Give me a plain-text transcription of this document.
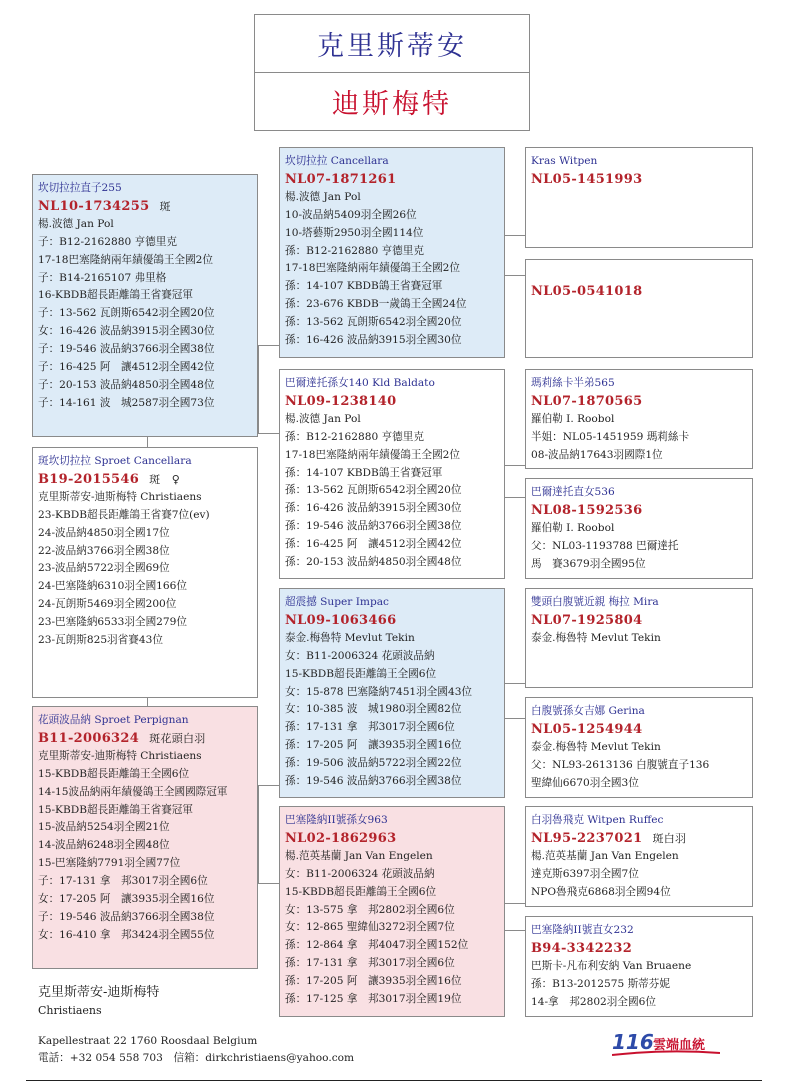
克里斯蒂安
迪斯梅特
坎切拉拉直子255
NL10-1734255 斑
楊.波德 Jan Pol
子：B12-2162880 亨德里克
17-18巴塞隆納兩年績優鴿王全國2位
子：B14-2165107 弗里格
16-KBDB超長距離鴿王省賽冠軍
子：13-562 瓦朗斯6542羽全國20位
女：16-426 波品納3915羽全國30位
子：19-546 波品納3766羽全國38位
子：16-425 阿　讓4512羽全國42位
子：20-153 波品納4850羽全國48位
子：14-161 波　城2587羽全國73位
斑坎切拉拉 Sproet Cancellara
B19-2015546 斑　♀
克里斯蒂安-迪斯梅特 Christiaens
23-KBDB超長距離鴿王省賽7位(ev)
24-波品納4850羽全國17位
22-波品納3766羽全國38位
23-波品納5722羽全國69位
24-巴塞隆納6310羽全國166位
24-瓦朗斯5469羽全國200位
23-巴塞隆納6533羽全國279位
23-瓦朗斯825羽省賽43位
花頭波品納 Sproet Perpignan
B11-2006324 斑花頭白羽
克里斯蒂安-迪斯梅特 Christiaens
15-KBDB超長距離鴿王全國6位
14-15波品納兩年績優鴿王全國國際冠軍
15-KBDB超長距離鴿王省賽冠軍
15-波品納5254羽全國21位
14-波品納6248羽全國48位
15-巴塞隆納7791羽全國77位
子：17-131 拿　邦3017羽全國6位
女：17-205 阿　讓3935羽全國16位
子：19-546 波品納3766羽全國38位
女：16-410 拿　邦3424羽全國55位
坎切拉拉 Cancellara
NL07-1871261
楊.波德 Jan Pol
10-波品納5409羽全國26位
10-塔藝斯2950羽全國114位
孫：B12-2162880 亨德里克
17-18巴塞隆納兩年績優鴿王全國2位
孫：14-107 KBDB鴿王省賽冠軍
孫：23-676 KBDB一歲鴿王全國24位
孫：13-562 瓦朗斯6542羽全國20位
孫：16-426 波品納3915羽全國30位
巴爾達托孫女140 Kld Baldato
NL09-1238140
楊.波德 Jan Pol
孫：B12-2162880 亨德里克
17-18巴塞隆納兩年績優鴿王全國2位
孫：14-107 KBDB鴿王省賽冠軍
孫：13-562 瓦朗斯6542羽全國20位
孫：16-426 波品納3915羽全國30位
孫：19-546 波品納3766羽全國38位
孫：16-425 阿　讓4512羽全國42位
孫：20-153 波品納4850羽全國48位
超震撼 Super Impac
NL09-1063466
泰金.梅魯特 Mevlut Tekin
女：B11-2006324 花頭波品納
15-KBDB超長距離鴿王全國6位
女：15-878 巴塞隆納7451羽全國43位
女：10-385 波　城1980羽全國82位
孫：17-131 拿　邦3017羽全國6位
孫：17-205 阿　讓3935羽全國16位
孫：19-506 波品納5722羽全國22位
孫：19-546 波品納3766羽全國38位
巴塞隆納II號孫女963
NL02-1862963
楊.范英基蘭 Jan Van Engelen
女：B11-2006324 花頭波品納
15-KBDB超長距離鴿王全國6位
女：13-575 拿　邦2802羽全國6位
女：12-865 聖緯仙3272羽全國7位
孫：12-864 拿　邦4047羽全國152位
孫：17-131 拿　邦3017羽全國6位
孫：17-205 阿　讓3935羽全國16位
孫：17-125 拿　邦3017羽全國19位
Kras Witpen
NL05-1451993
NL05-0541018
瑪莉絲卡半弟565
NL07-1870565
羅伯勒 I. Roobol
半姐：NL05-1451959 瑪莉絲卡
08-波品納17643羽國際1位
巴爾達托直女536
NL08-1592536
羅伯勒 I. Roobol
父：NL03-1193788 巴爾達托
馬　賽3679羽全國95位
雙頭白腹號近親 梅拉 Mira
NL07-1925804
泰金.梅魯特 Mevlut Tekin
白腹號孫女吉娜 Gerina
NL05-1254944
泰金.梅魯特 Mevlut Tekin
父：NL93-2613136 白腹號直子136
聖緯仙6670羽全國3位
白羽魯飛克 Witpen Ruffec
NL95-2237021 斑白羽
楊.范英基蘭 Jan Van Engelen
達克斯6397羽全國7位
NPO魯飛克6868羽全國94位
巴塞隆納II號直女232
B94-3342232
巴斯卡-凡布利安納 Van Bruaene
孫：B13-2012575 斯蒂芬妮
14-拿　邦2802羽全國6位
克里斯蒂安-迪斯梅特
Christiaens
Kapellestraat 22 1760 Roosdaal Belgium
電話：+32 054 558 703　信箱：dirkchristiaens@yahoo.com
116 雲端血統
